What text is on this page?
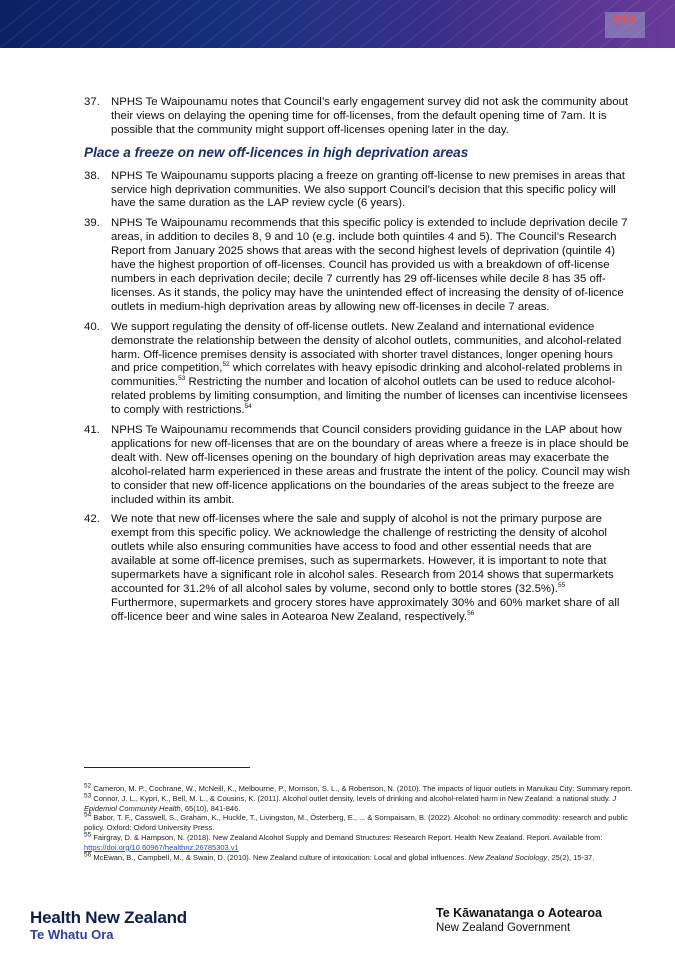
411

37. NPHS Te Waipounamu notes that Council’s early engagement survey did not ask the community about their views on delaying the opening time for off-licenses, from the default opening time of 7am. It is possible that the community might support off-licenses opening later in the day.

Place a freeze on new off-licences in high deprivation areas

38. NPHS Te Waipounamu supports placing a freeze on granting off-license to new premises in areas that service high deprivation communities. We also support Council’s decision that this specific policy will have the same duration as the LAP review cycle (6 years).

39. NPHS Te Waipounamu recommends that this specific policy is extended to include deprivation decile 7 areas, in addition to deciles 8, 9 and 10 (e.g. include both quintiles 4 and 5). The Council’s Research Report from January 2025 shows that areas with the second highest levels of deprivation (quintile 4) have the highest proportion of off-licenses. Council has provided us with a breakdown of off-license numbers in each deprivation decile; decile 7 currently has 29 off-licenses while decile 8 has 35 off-licenses. As it stands, the policy may have the unintended effect of increasing the density of of-licence outlets in medium-high deprivation areas by allowing new off-licenses in decile 7 areas.

40. We support regulating the density of off-license outlets. New Zealand and international evidence demonstrate the relationship between the density of alcohol outlets, communities, and alcohol-related harm. Off-licence premises density is associated with shorter travel distances, longer opening hours and price competition,$^{52}$ which correlates with heavy episodic drinking and alcohol-related problems in communities.$^{53}$ Restricting the number and location of alcohol outlets can be used to reduce alcohol-related problems by limiting consumption, and limiting the number of licenses can incentivise licensees to comply with restrictions.$^{54}$

41. NPHS Te Waipounamu recommends that Council considers providing guidance in the LAP about how applications for new off-licenses that are on the boundary of areas where a freeze is in place should be dealt with. New off-licenses opening on the boundary of high deprivation areas may exacerbate the alcohol-related harm experienced in these areas and frustrate the intent of the policy. Council may wish to consider that new off-licence applications on the boundaries of the areas subject to the freeze are included within its ambit.

42. We note that new off-licenses where the sale and supply of alcohol is not the primary purpose are exempt from this specific policy. We acknowledge the challenge of restricting the density of alcohol outlets while also ensuring communities have access to food and other essential needs that are available at some off-licence premises, such as supermarkets. However, it is important to note that supermarkets have a significant role in alcohol sales. Research from 2014 shows that supermarkets accounted for 31.2% of all alcohol sales by volume, second only to bottle stores (32.5%).$^{55}$ Furthermore, supermarkets and grocery stores have approximately 30% and 60% market share of all off-licence beer and wine sales in Aotearoa New Zealand, respectively.$^{56}$

52 Cameron, M. P., Cochrane, W., McNeill, K., Melbourne, P., Morrison, S. L., & Robertson, N. (2010). The impacts of liquor outlets in Manukau City: Summary report.
53 Connor, J. L., Kypri, K., Bell, M. L., & Cousins, K. (2011). Alcohol outlet density, levels of drinking and alcohol-related harm in New Zealand: a national study. J Epidemiol Community Health, 65(10), 841-846.
54 Babor, T. F., Casswell, S., Graham, K., Huckle, T., Livingston, M., Österberg, E., ... & Sornpaisarn, B. (2022). Alcohol: no ordinary commodity: research and public policy. Oxford: Oxford University Press.
55 Fairgray, D. & Hampson, N. (2018). New Zealand Alcohol Supply and Demand Structures: Research Report. Health New Zealand. Report. Available from: https://doi.org/10.60967/healthnz.26785303.v1
56 McEwan, B., Campbell, M., & Swain, D. (2010). New Zealand culture of intoxication: Local and global influences. New Zealand Sociology, 25(2), 15-37.
Health New Zealand
Te Whatu Ora
Te Kāwanatanga o Aotearoa
New Zealand Government
